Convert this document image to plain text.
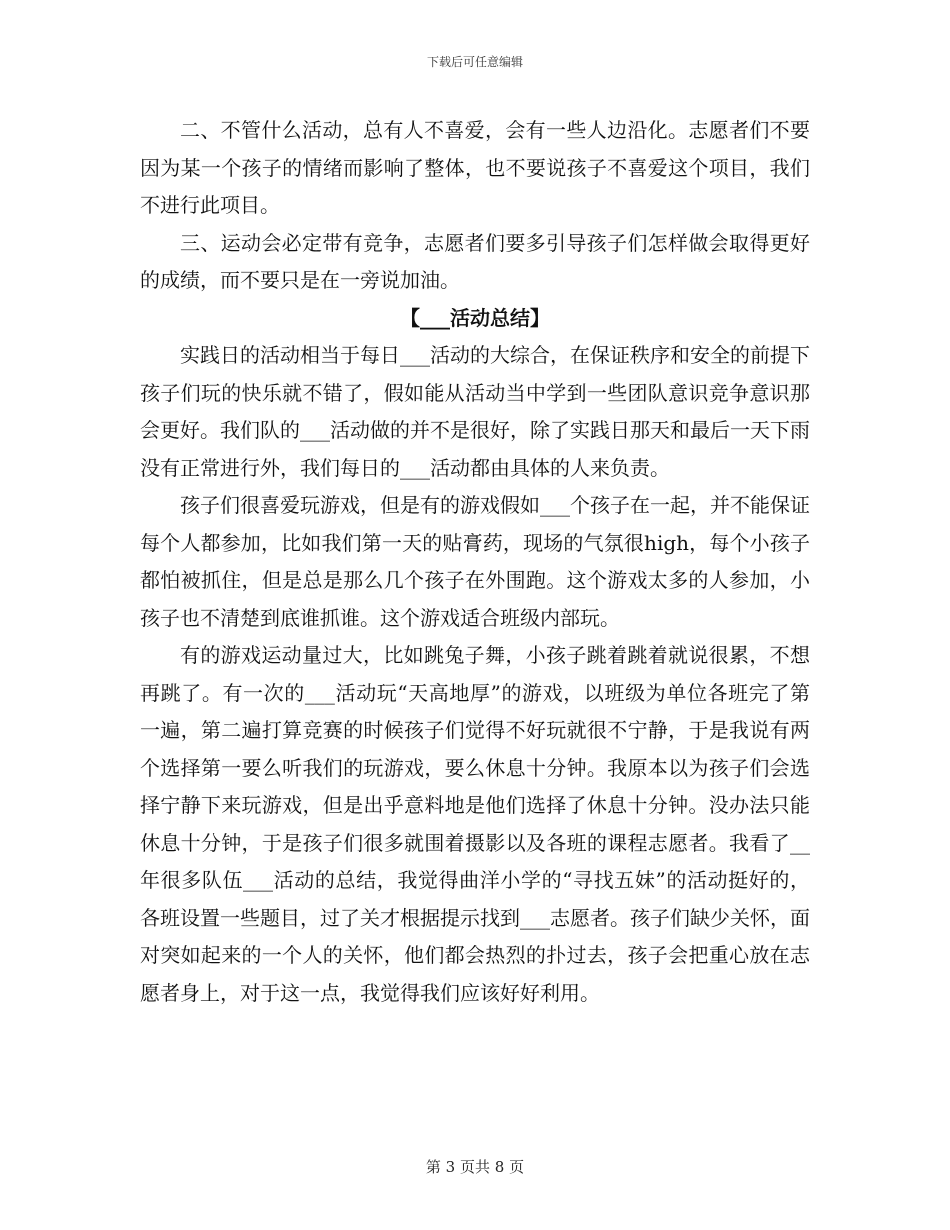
下载后可任意编辑

二、不管什么活动，总有人不喜爱，会有一些人边沿化。志愿者们不要因为某一个孩子的情绪而影响了整体，也不要说孩子不喜爱这个项目，我们不进行此项目。

三、运动会必定带有竞争，志愿者们要多引导孩子们怎样做会取得更好的成绩，而不要只是在一旁说加油。

【___活动总结】

实践日的活动相当于每日___活动的大综合，在保证秩序和安全的前提下孩子们玩的快乐就不错了，假如能从活动当中学到一些团队意识竞争意识那会更好。我们队的___活动做的并不是很好，除了实践日那天和最后一天下雨没有正常进行外，我们每日的___活动都由具体的人来负责。

孩子们很喜爱玩游戏，但是有的游戏假如___个孩子在一起，并不能保证每个人都参加，比如我们第一天的贴膏药，现场的气氛很high，每个小孩子都怕被抓住，但是总是那么几个孩子在外围跑。这个游戏太多的人参加，小孩子也不清楚到底谁抓谁。这个游戏适合班级内部玩。

有的游戏运动量过大，比如跳兔子舞，小孩子跳着跳着就说很累，不想再跳了。有一次的___活动玩“天高地厚”的游戏，以班级为单位各班完了第一遍，第二遍打算竞赛的时候孩子们觉得不好玩就很不宁静，于是我说有两个选择第一要么听我们的玩游戏，要么休息十分钟。我原本以为孩子们会选择宁静下来玩游戏，但是出乎意料地是他们选择了休息十分钟。没办法只能休息十分钟，于是孩子们很多就围着摄影以及各班的课程志愿者。我看了__年很多队伍___活动的总结，我觉得曲洋小学的“寻找五妹”的活动挺好的，各班设置一些题目，过了关才根据提示找到___志愿者。孩子们缺少关怀，面对突如起来的一个人的关怀，他们都会热烈的扑过去，孩子会把重心放在志愿者身上，对于这一点，我觉得我们应该好好利用。

第 3 页共 8 页
